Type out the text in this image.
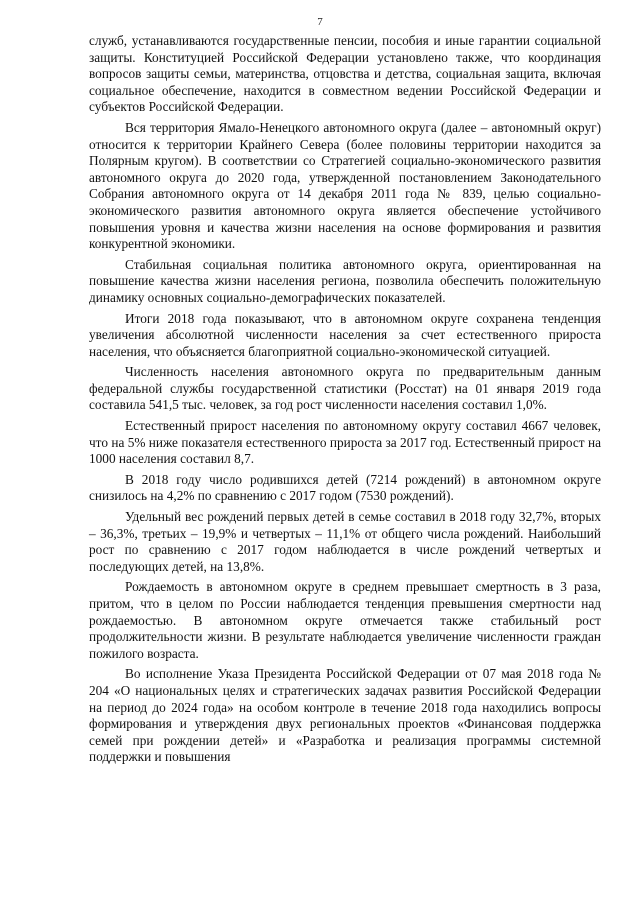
7

служб, устанавливаются государственные пенсии, пособия и иные гарантии социальной защиты. Конституцией Российской Федерации установлено также, что координация вопросов защиты семьи, материнства, отцовства и детства, социальная защита, включая социальное обеспечение, находится в совместном ведении Российской Федерации и субъектов Российской Федерации.

Вся территория Ямало-Ненецкого автономного округа (далее – автономный округ) относится к территории Крайнего Севера (более половины территории находится за Полярным кругом). В соответствии со Стратегией социально-экономического развития автономного округа до 2020 года, утвержденной постановлением Законодательного Собрания автономного округа от 14 декабря 2011 года № 839, целью социально-экономического развития автономного округа является обеспечение устойчивого повышения уровня и качества жизни населения на основе формирования и развития конкурентной экономики.

Стабильная социальная политика автономного округа, ориентированная на повышение качества жизни населения региона, позволила обеспечить положительную динамику основных социально-демографических показателей.

Итоги 2018 года показывают, что в автономном округе сохранена тенденция увеличения абсолютной численности населения за счет естественного прироста населения, что объясняется благоприятной социально-экономической ситуацией.

Численность населения автономного округа по предварительным данным федеральной службы государственной статистики (Росстат) на 01 января 2019 года составила 541,5 тыс. человек, за год рост численности населения составил 1,0%.

Естественный прирост населения по автономному округу составил 4667 человек, что на 5% ниже показателя естественного прироста за 2017 год. Естественный прирост на 1000 населения составил 8,7.

В 2018 году число родившихся детей (7214 рождений) в автономном округе снизилось на 4,2% по сравнению с 2017 годом (7530 рождений).

Удельный вес рождений первых детей в семье составил в 2018 году 32,7%, вторых – 36,3%, третьих – 19,9% и четвертых – 11,1% от общего числа рождений. Наибольший рост по сравнению с 2017 годом наблюдается в числе рождений четвертых и последующих детей, на 13,8%.

Рождаемость в автономном округе в среднем превышает смертность в 3 раза, притом, что в целом по России наблюдается тенденция превышения смертности над рождаемостью. В автономном округе отмечается также стабильный рост продолжительности жизни. В результате наблюдается увеличение численности граждан пожилого возраста.

Во исполнение Указа Президента Российской Федерации от 07 мая 2018 года № 204 «О национальных целях и стратегических задачах развития Российской Федерации на период до 2024 года» на особом контроле в течение 2018 года находились вопросы формирования и утверждения двух региональных проектов «Финансовая поддержка семей при рождении детей» и «Разработка и реализация программы системной поддержки и повышения
